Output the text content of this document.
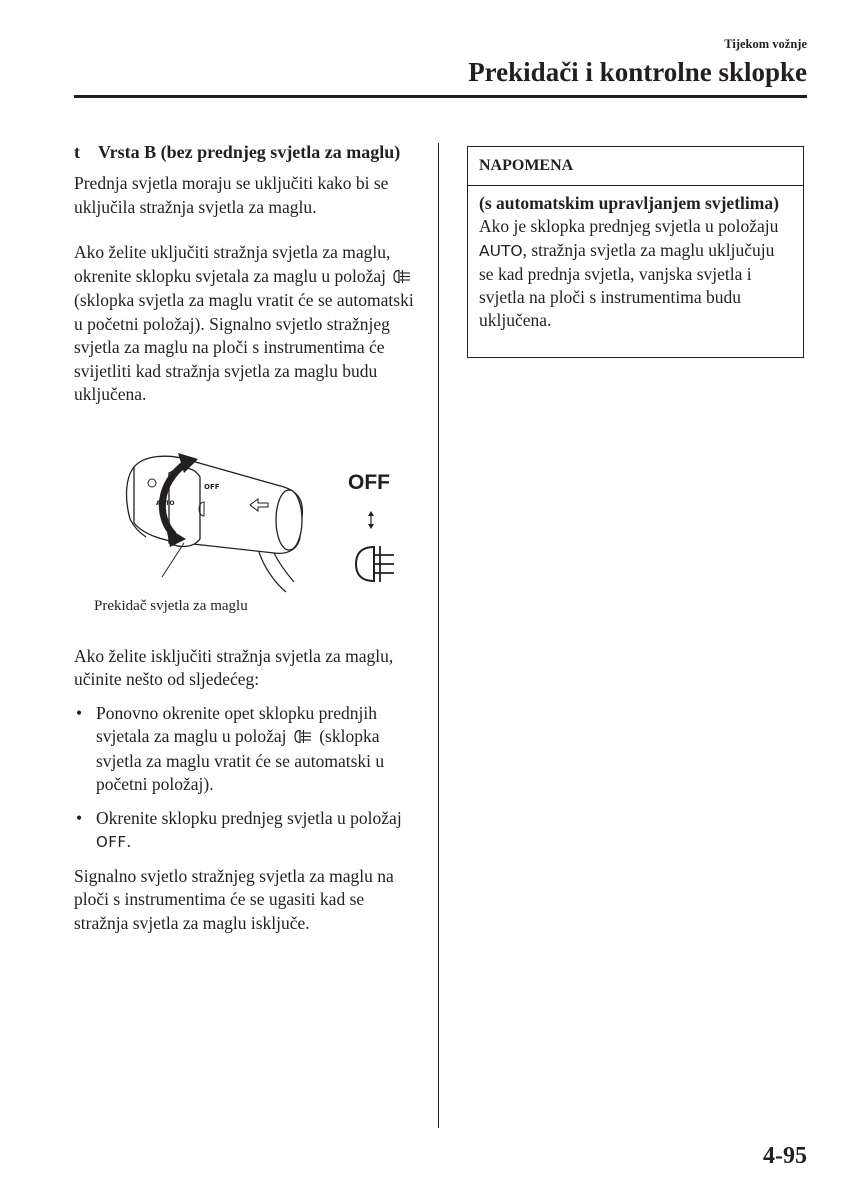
Tijekom vožnje
Prekidači i kontrolne sklopke
t Vrsta B (bez prednjeg svjetla za maglu)

Prednja svjetla moraju se uključiti kako bi se uključila stražnja svjetla za maglu.

Ako želite uključiti stražnja svjetla za maglu, okrenite sklopku svjetala za maglu u položaj  (sklopka svjetla za maglu vratit će se automatski u početni položaj). Signalno svjetlo stražnjeg svjetla za maglu na ploči s instrumentima će svijetliti kad stražnja svjetla za maglu budu uključena.

OFF
AUTO
OFF
Prekidač svjetla za maglu

Ako želite isključiti stražnja svjetla za maglu, učinite nešto od sljedećeg:

• Ponovno okrenite opet sklopku prednjih svjetala za maglu u položaj (sklopka svjetla za maglu vratit će se automatski u početni položaj).
• Okrenite sklopku prednjeg svjetla u položaj OFF.

Signalno svjetlo stražnjeg svjetla za maglu na ploči s instrumentima će se ugasiti kad se stražnja svjetla za maglu isključe.

NAPOMENA
(s automatskim upravljanjem svjetlima)
Ako je sklopka prednjeg svjetla u položaju AUTO, stražnja svjetla za maglu uključuju se kad prednja svjetla, vanjska svjetla i svjetla na ploči s instrumentima budu uključena.
4-95
